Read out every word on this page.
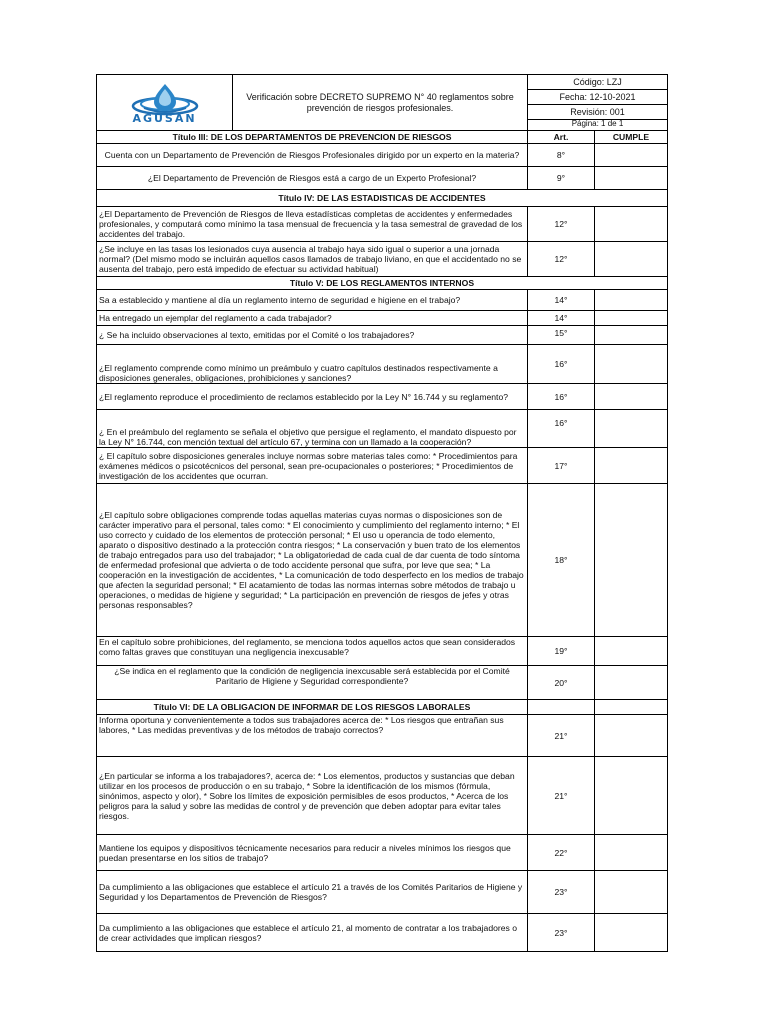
AGUSAN	Verificación sobre DECRETO SUPREMO N° 40 reglamentos sobre prevención de riesgos profesionales.	Código: LZJ	
		Fecha: 12-10-2021	
		Revisión: 001	
		Página: 1 de 1	
Título III: DE LOS DEPARTAMENTOS DE PREVENCION DE RIESGOS		Art.	CUMPLE
Cuenta con un Departamento de Prevención de Riesgos Profesionales dirigido por un experto en la materia?		8°	
¿El Departamento de Prevención de Riesgos está a cargo de un Experto Profesional?		9°	
Título IV: DE LAS ESTADISTICAS DE ACCIDENTES			
¿El Departamento de Prevención de Riesgos de lleva estadísticas completas de accidentes y enfermedades profesionales, y computará como mínimo la tasa mensual de frecuencia y la tasa semestral de gravedad de los accidentes del trabajo.		12°	
¿Se incluye en las tasas los lesionados cuya ausencia al trabajo haya sido igual o superior a una jornada normal? (Del mismo modo se incluirán aquellos casos llamados de trabajo liviano, en que el accidentado no se ausenta del trabajo, pero está impedido de efectuar su actividad habitual)		12°	
Título V: DE LOS REGLAMENTOS INTERNOS			
Sa a establecido y mantiene al día un reglamento interno de seguridad e higiene en el trabajo?		14°	
Ha entregado un ejemplar del reglamento a cada trabajador?		14°	
¿ Se ha incluido observaciones al texto, emitidas por el Comité o los trabajadores?		15°	
¿El reglamento comprende como mínimo un preámbulo y cuatro capítulos destinados respectivamente a disposiciones generales, obligaciones, prohibiciones y sanciones?		16°	
¿El reglamento reproduce el procedimiento de reclamos establecido por la Ley N° 16.744 y su reglamento?		16°	
¿ En el preámbulo del reglamento se señala el objetivo que persigue el reglamento, el mandato dispuesto por la Ley N° 16.744, con mención textual del artículo 67, y termina con un llamado a la cooperación?		16°	
¿ El capítulo sobre disposiciones generales incluye normas sobre materias tales como: * Procedimientos para exámenes médicos o psicotécnicos del personal, sean pre-ocupacionales o posteriores; * Procedimientos de investigación de los accidentes que ocurran.		17°	
¿El capítulo sobre obligaciones comprende todas aquellas materias cuyas normas o disposiciones son de carácter imperativo para el personal, tales como: * El conocimiento y cumplimiento del reglamento interno; * El uso correcto y cuidado de los elementos de protección personal; * El uso u operancia de todo elemento, aparato o dispositivo destinado a la protección contra riesgos; * La conservación y buen trato de los elementos de trabajo entregados para uso del trabajador; * La obligatoriedad de cada cual de dar cuenta de todo síntoma de enfermedad profesional que advierta o de todo accidente personal que sufra, por leve que sea; * La cooperación en la investigación de accidentes, * La comunicación de todo desperfecto en los medios de trabajo que afecten la seguridad personal; * El acatamiento de todas las normas internas sobre métodos de trabajo u operaciones, o medidas de higiene y seguridad; * La participación en prevención de riesgos de jefes y otras personas responsables?		18°	
En el capítulo sobre prohibiciones, del reglamento, se menciona todos aquellos actos que sean considerados como faltas graves que constituyan una negligencia inexcusable?		19°	
¿Se indica en el reglamento que la condición de negligencia inexcusable será establecida por el Comité Paritario de Higiene y Seguridad correspondiente?		20°	
Título VI: DE LA OBLIGACION DE INFORMAR DE LOS RIESGOS LABORALES			
Informa oportuna y convenientemente a todos sus trabajadores acerca de: * Los riesgos que entrañan sus labores, * Las medidas preventivas y de los métodos de trabajo correctos?		21°	
¿En particular se informa a los trabajadores?, acerca de: * Los elementos, productos y sustancias que deban utilizar en los procesos de producción o en su trabajo, * Sobre la identificación de los mismos (fórmula, sinónimos, aspecto y olor), * Sobre los límites de exposición permisibles de esos productos, * Acerca de los peligros para la salud y sobre las medidas de control y de prevención que deben adoptar para evitar tales riesgos.		21°	
Mantiene los equipos y dispositivos técnicamente necesarios para reducir a niveles mínimos los riesgos que puedan presentarse en los sitios de trabajo?		22°	
Da cumplimiento a las obligaciones que establece el artículo 21 a través de los Comités Paritarios de Higiene y Seguridad y los Departamentos de Prevención de Riesgos?		23°	
Da cumplimiento a las obligaciones que establece el artículo 21, al momento de contratar a los trabajadores o de crear actividades que implican riesgos?		23°	
